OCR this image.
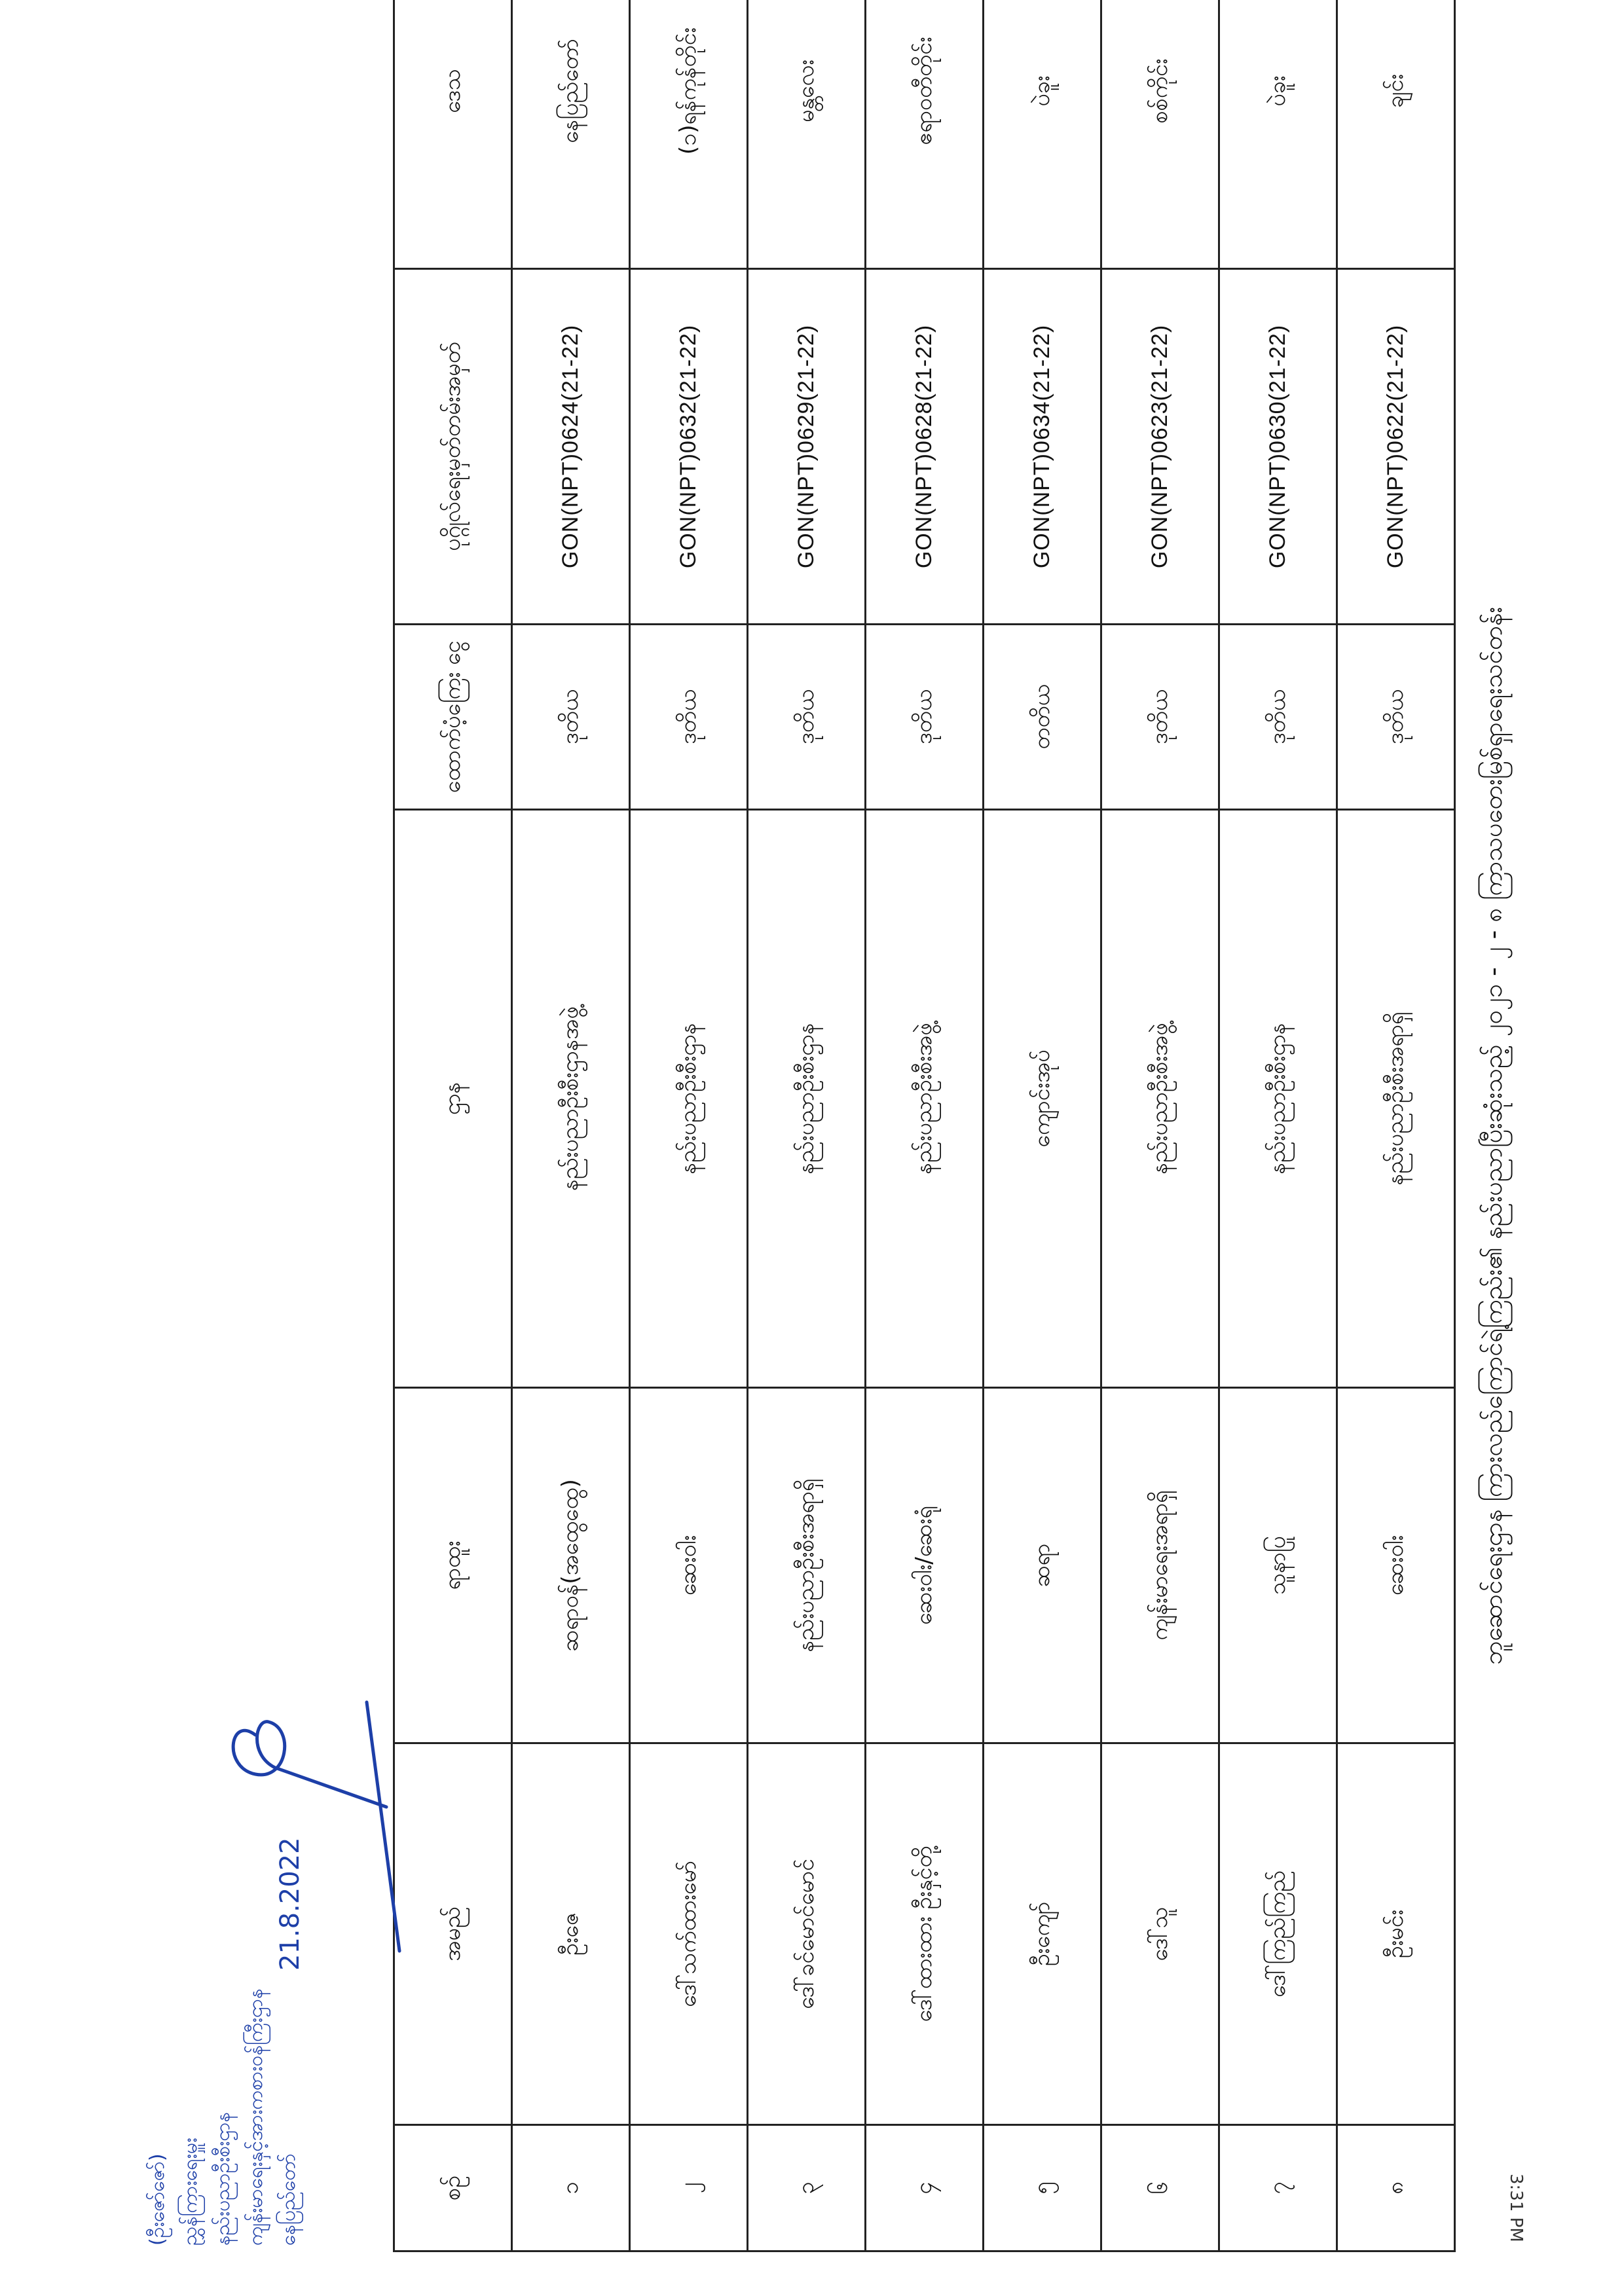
စဉ်	အမည်	ရာထူး	ဌာန	ထောက်ပံ့ကြေး ငွေ	ပုဂ္ဂိုလ်ရေးမှတ်တမ်းအမှတ်	ဒေသ
၁	ဦးဇေ	ဆရာဝန်(အထွေထွေ)	နည်းပညာဦးစီးဌာနအဖွဲ့	ဒုတိယ	GON(NPT)0624(21-22)	နေပြည်တော်
၂	ဒေါ်သက်ထားမော်	ဆေးဝါး	နည်းပညာဦးစီးဌာန	ဒုတိယ	GON(NPT)0632(21-22)	(၁)ရန်ကုန်တိုင်း
၃	ဒေါ်ခင်မောင်မောင်	နည်းပညာဦးစီးအရာရှိ	နည်းပညာဦးစီးဌာန	ဒုတိယ	GON(NPT)0629(21-22)	မန္တလေး
၄	ဒေါ်ထားထား ဦးနှင့်တို့	ဆေးဝါး/ဆေးရုံ	နည်းပညာဦးစီးအဖွဲ့	ဒုတိယ	GON(NPT)0628(21-22)	ဧရာဝတီတိုင်း
၅	ဦးကျော်	ဆရာ	ကျောင်းအုပ်	တတိယ	GON(NPT)0634(21-22)	ပဲခူး
၆	ဒေါ်သူ	ကျန်းမာရေးအရာရှိ	နည်းပညာဦးစီးအဖွဲ့	ဒုတိယ	GON(NPT)0623(21-22)	စစ်ကိုင်း
၇	ဒေါ်ကြည်ကြည်	သူနာပြု	နည်းပညာဦးစီးဌာန	ဒုတိယ	GON(NPT)0630(21-22)	ပဲခူး
၈	ဦးမင်း	ဆေးဝါး	နည်းပညာဦးစီးအရာရှိ	ဒုတိယ	GON(NPT)0622(21-22)	ချင်း
ဘူဆောင်ရေးဌာန ကြားလည်ကြောင်ရဲ့ကြည်း၏ နည်းပညာပြီးဆုံးသည့် ၂၀၂၁ - ၂ - ၈ ကြာသပတေးမြစ်ရှာရေးသင်တန်း
(ဦးဇော်ဇော်) ညွှန်ကြားရေးမှူး နည်းပညာဦးစီးဌာန ကျန်းမာရေးနှင့်အားကစားဝန်ကြီးဌာန နေပြည်တော်
21.8.2022
3:31 PM
